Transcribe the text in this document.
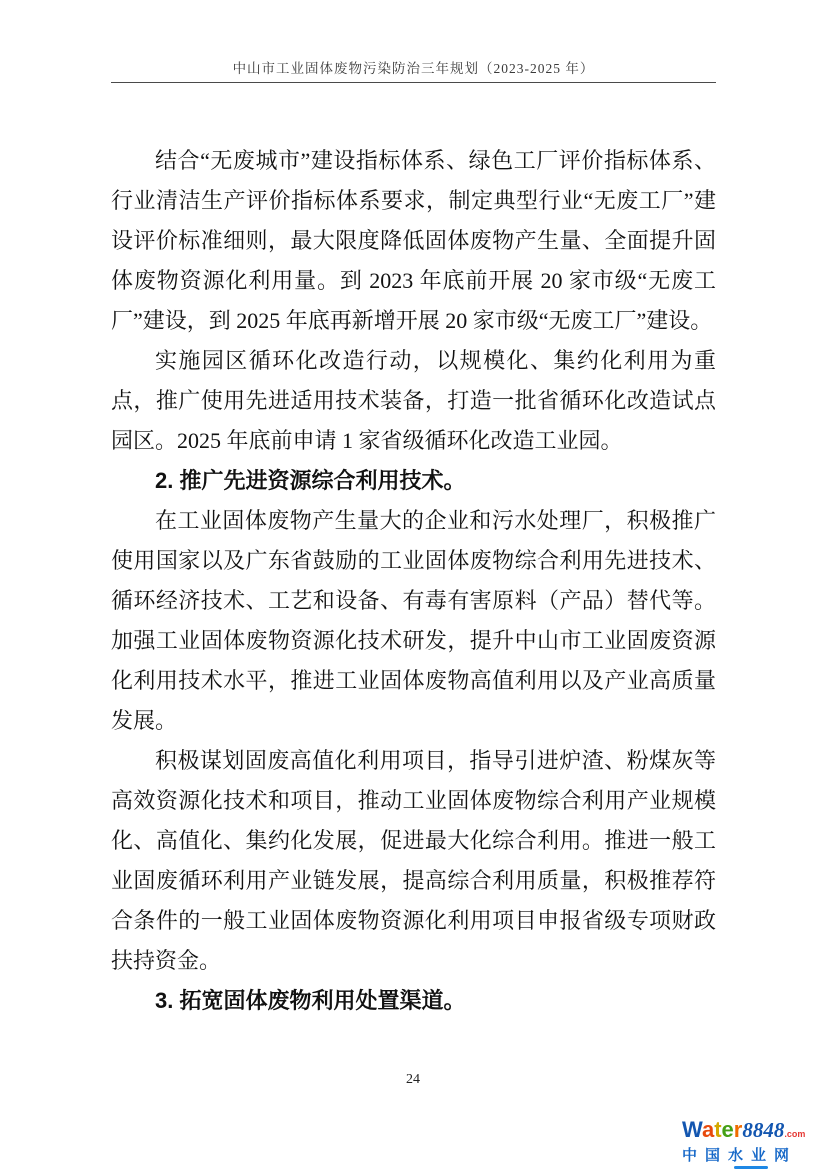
中山市工业固体废物污染防治三年规划（2023-2025 年）

结合“无废城市”建设指标体系、绿色工厂评价指标体系、行业清洁生产评价指标体系要求，制定典型行业“无废工厂”建设评价标准细则，最大限度降低固体废物产生量、全面提升固体废物资源化利用量。到 2023 年底前开展 20 家市级“无废工厂”建设，到 2025 年底再新增开展 20 家市级“无废工厂”建设。

实施园区循环化改造行动，以规模化、集约化利用为重点，推广使用先进适用技术装备，打造一批省循环化改造试点园区。2025 年底前申请 1 家省级循环化改造工业园。

2. 推广先进资源综合利用技术。

在工业固体废物产生量大的企业和污水处理厂，积极推广使用国家以及广东省鼓励的工业固体废物综合利用先进技术、循环经济技术、工艺和设备、有毒有害原料（产品）替代等。加强工业固体废物资源化技术研发，提升中山市工业固废资源化利用技术水平，推进工业固体废物高值利用以及产业高质量发展。

积极谋划固废高值化利用项目，指导引进炉渣、粉煤灰等高效资源化技术和项目，推动工业固体废物综合利用产业规模化、高值化、集约化发展，促进最大化综合利用。推进一般工业固废循环利用产业链发展，提高综合利用质量，积极推荐符合条件的一般工业固体废物资源化利用项目申报省级专项财政扶持资金。

3. 拓宽固体废物利用处置渠道。

24
Water8848.com
中国水业网
